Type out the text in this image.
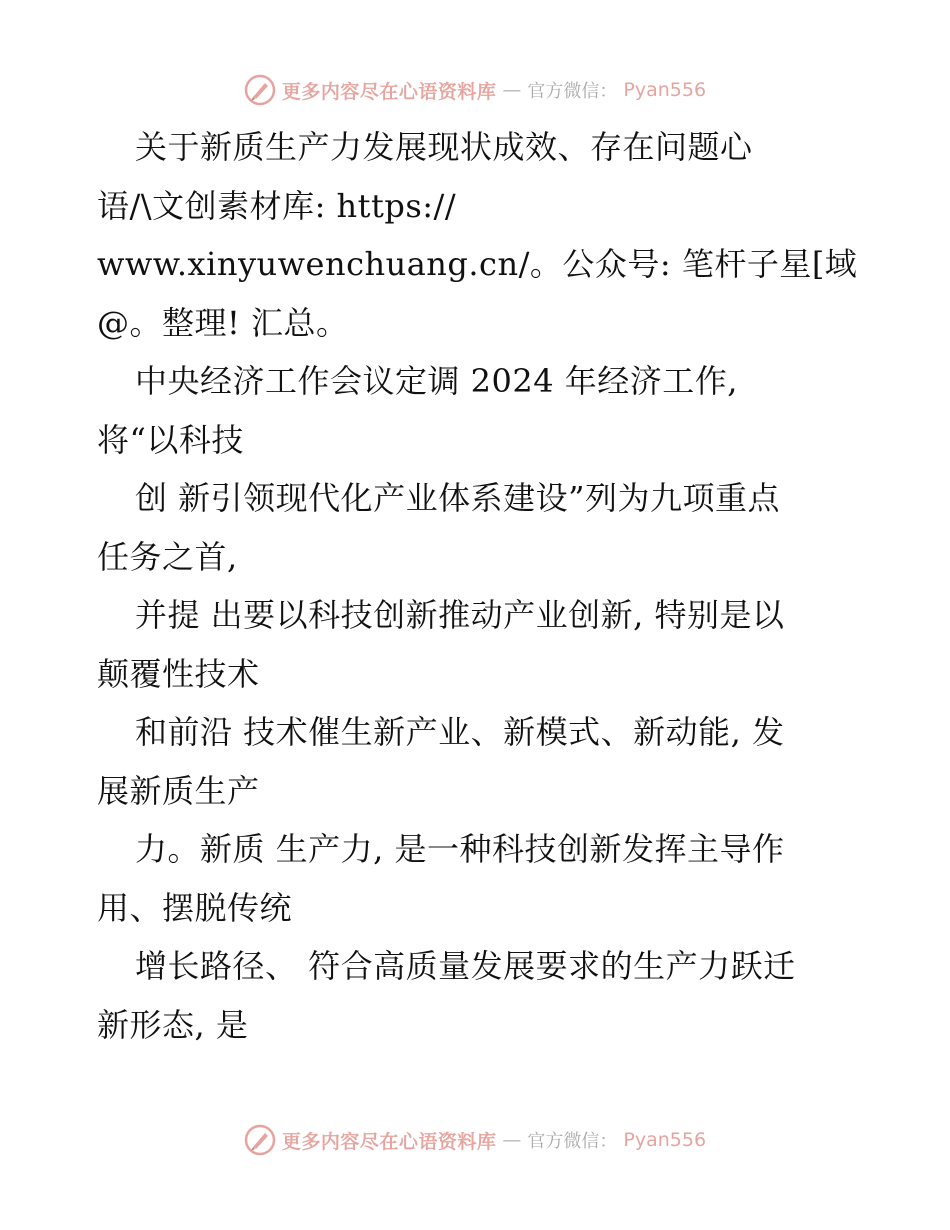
更多内容尽在心语资料库 — 官方微信： Pyan556
关于新质生产力发展现状成效、存在问题心
语/\文创素材库: https://
www.xinyuwenchuang.cn/。公众号: 笔杆子星[域
@。整理! 汇总。
中央经济工作会议定调 2024 年经济工作,
将“以科技
创 新引领现代化产业体系建设”列为九项重点
任务之首,
并提 出要以科技创新推动产业创新, 特别是以
颠覆性技术
和前沿 技术催生新产业、新模式、新动能, 发
展新质生产
力。新质 生产力, 是一种科技创新发挥主导作
用、摆脱传统
增长路径、 符合高质量发展要求的生产力跃迁
新形态, 是
更多内容尽在心语资料库 — 官方微信： Pyan556
